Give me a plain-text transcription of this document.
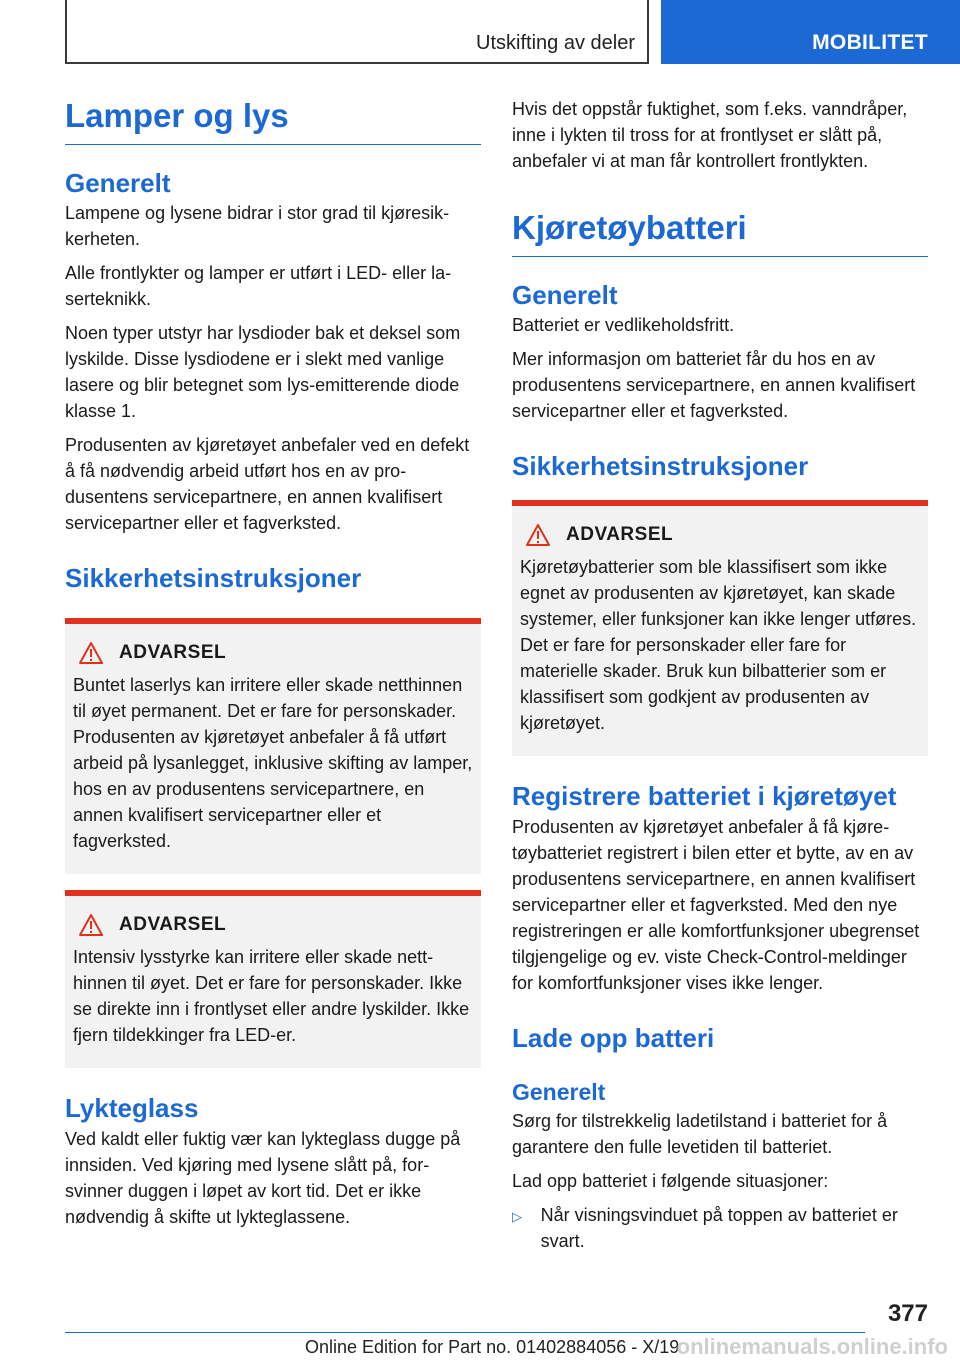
Utskifting av deler	MOBILITET
Lamper og lys
Generelt

Lampene og lysene bidrar i stor grad til kjøresikkerheten.

Alle frontlykter og lamper er utført i LED- eller laserteknikk.

Noen typer utstyr har lysdioder bak et deksel som lyskilde. Disse lysdiodene er i slekt med vanlige lasere og blir betegnet som lys-emitterende diode klasse 1.

Produsenten av kjøretøyet anbefaler ved en defekt å få nødvendig arbeid utført hos en av produsentens servicepartnere, en annen kvalifisert servicepartner eller et fagverksted.

Sikkerhetsinstruksjoner
ADVARSEL

Buntet laserlys kan irritere eller skade netthinnen til øyet permanent. Det er fare for personskader. Produsenten av kjøretøyet anbefaler å få utført arbeid på lysanlegget, inklusive skifting av lamper, hos en av produsentens servicepartnere, en annen kvalifisert servicepartner eller et fagverksted.

ADVARSEL

Intensiv lysstyrke kan irritere eller skade netthinnen til øyet. Det er fare for personskader. Ikke se direkte inn i frontlyset eller andre lyskilder. Ikke fjern tildekkinger fra LED-er.

Lykteglass

Ved kaldt eller fuktig vær kan lykteglass dugge på innsiden. Ved kjøring med lysene slått på, forsvinner duggen i løpet av kort tid. Det er ikke nødvendig å skifte ut lykteglassene.

Hvis det oppstår fuktighet, som f.eks. vanndråper, inne i lykten til tross for at frontlyset er slått på, anbefaler vi at man får kontrollert frontlykten.

Kjøretøybatteri
Generelt

Batteriet er vedlikeholdsfritt.

Mer informasjon om batteriet får du hos en av produsentens servicepartnere, en annen kvalifisert servicepartner eller et fagverksted.

Sikkerhetsinstruksjoner
ADVARSEL

Kjøretøybatterier som ble klassifisert som ikke egnet av produsenten av kjøretøyet, kan skade systemer, eller funksjoner kan ikke lenger utføres. Det er fare for personskader eller fare for materielle skader. Bruk kun bilbatterier som er klassifisert som godkjent av produsenten av kjøretøyet.

Registrere batteriet i kjøretøyet

Produsenten av kjøretøyet anbefaler å få kjøretøybatteriet registrert i bilen etter et bytte, av en av produsentens servicepartnere, en annen kvalifisert servicepartner eller et fagverksted. Med den nye registreringen er alle komfortfunksjoner ubegrenset tilgjengelige og ev. viste Check-Control-meldinger for komfortfunksjoner vises ikke lenger.

Lade opp batteri
Generelt

Sørg for tilstrekkelig ladetilstand i batteriet for å garantere den fulle levetiden til batteriet.

Lad opp batteriet i følgende situasjoner:

▷	Når visningsvinduet på toppen av batteriet er svart.
377
Online Edition for Part no. 01402884056 - X/19
onlinemanuals.online.info
